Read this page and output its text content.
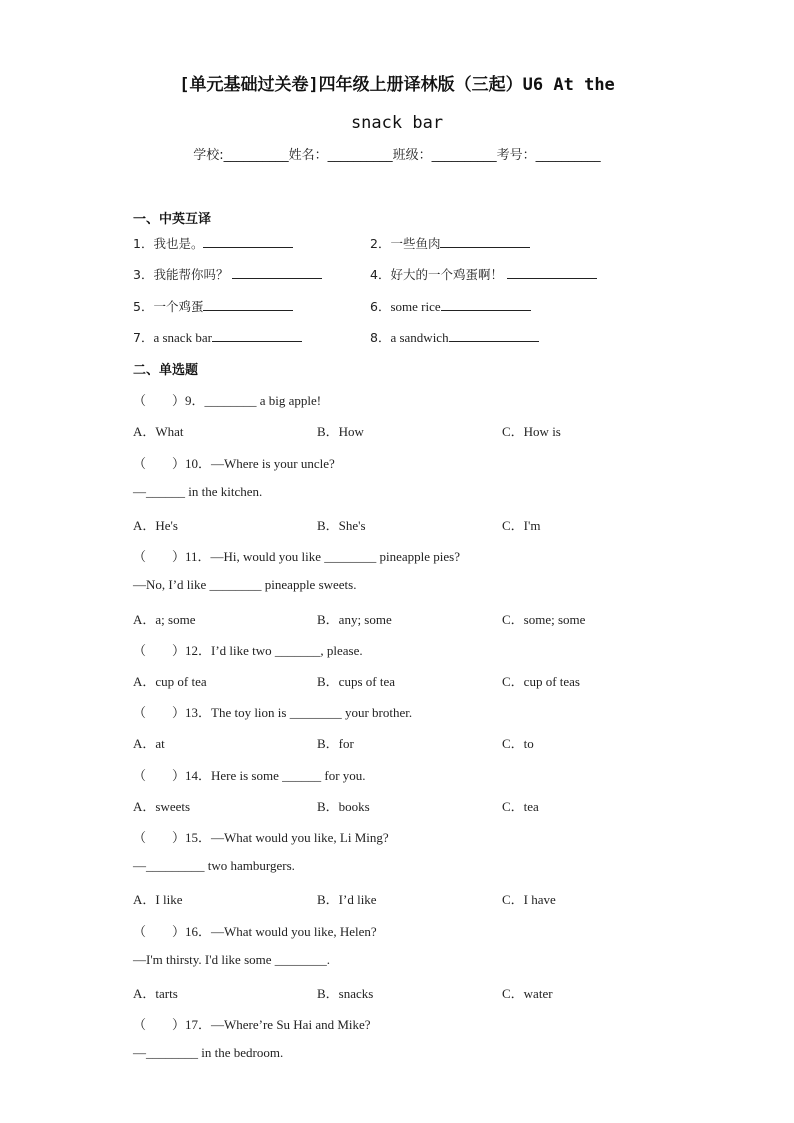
[单元基础过关卷]四年级上册译林版（三起）U6 At the
snack bar
学校:__________姓名：__________班级：__________考号：__________
一、中英互译
1．我也是。	2．一些鱼肉
3．我能帮你吗？	4．好大的一个鸡蛋啊！
5．一个鸡蛋	6．some rice
7．a snack bar	8．a sandwich
二、单选题
（　　）9．________ a big apple!
A．What	B．How	C．How is
（　　）10．—Where is your uncle?
—______ in the kitchen.
A．He's	B．She's	C．I'm
（　　）11．—Hi, would you like ________ pineapple pies?
—No, I’d like ________ pineapple sweets.
A．a; some	B．any; some	C．some; some
（　　）12．I’d like two _______, please.
A．cup of tea	B．cups of tea	C．cup of teas
（　　）13．The toy lion is ________ your brother.
A．at	B．for	C．to
（　　）14．Here is some ______ for you.
A．sweets	B．books	C．tea
（　　）15．—What would you like, Li Ming?
—_________ two hamburgers.
A．I like	B．I’d like	C．I have
（　　）16．—What would you like, Helen?
—I'm thirsty. I'd like some ________.
A．tarts	B．snacks	C．water
（　　）17．—Where’re Su Hai and Mike?
—________ in the bedroom.
